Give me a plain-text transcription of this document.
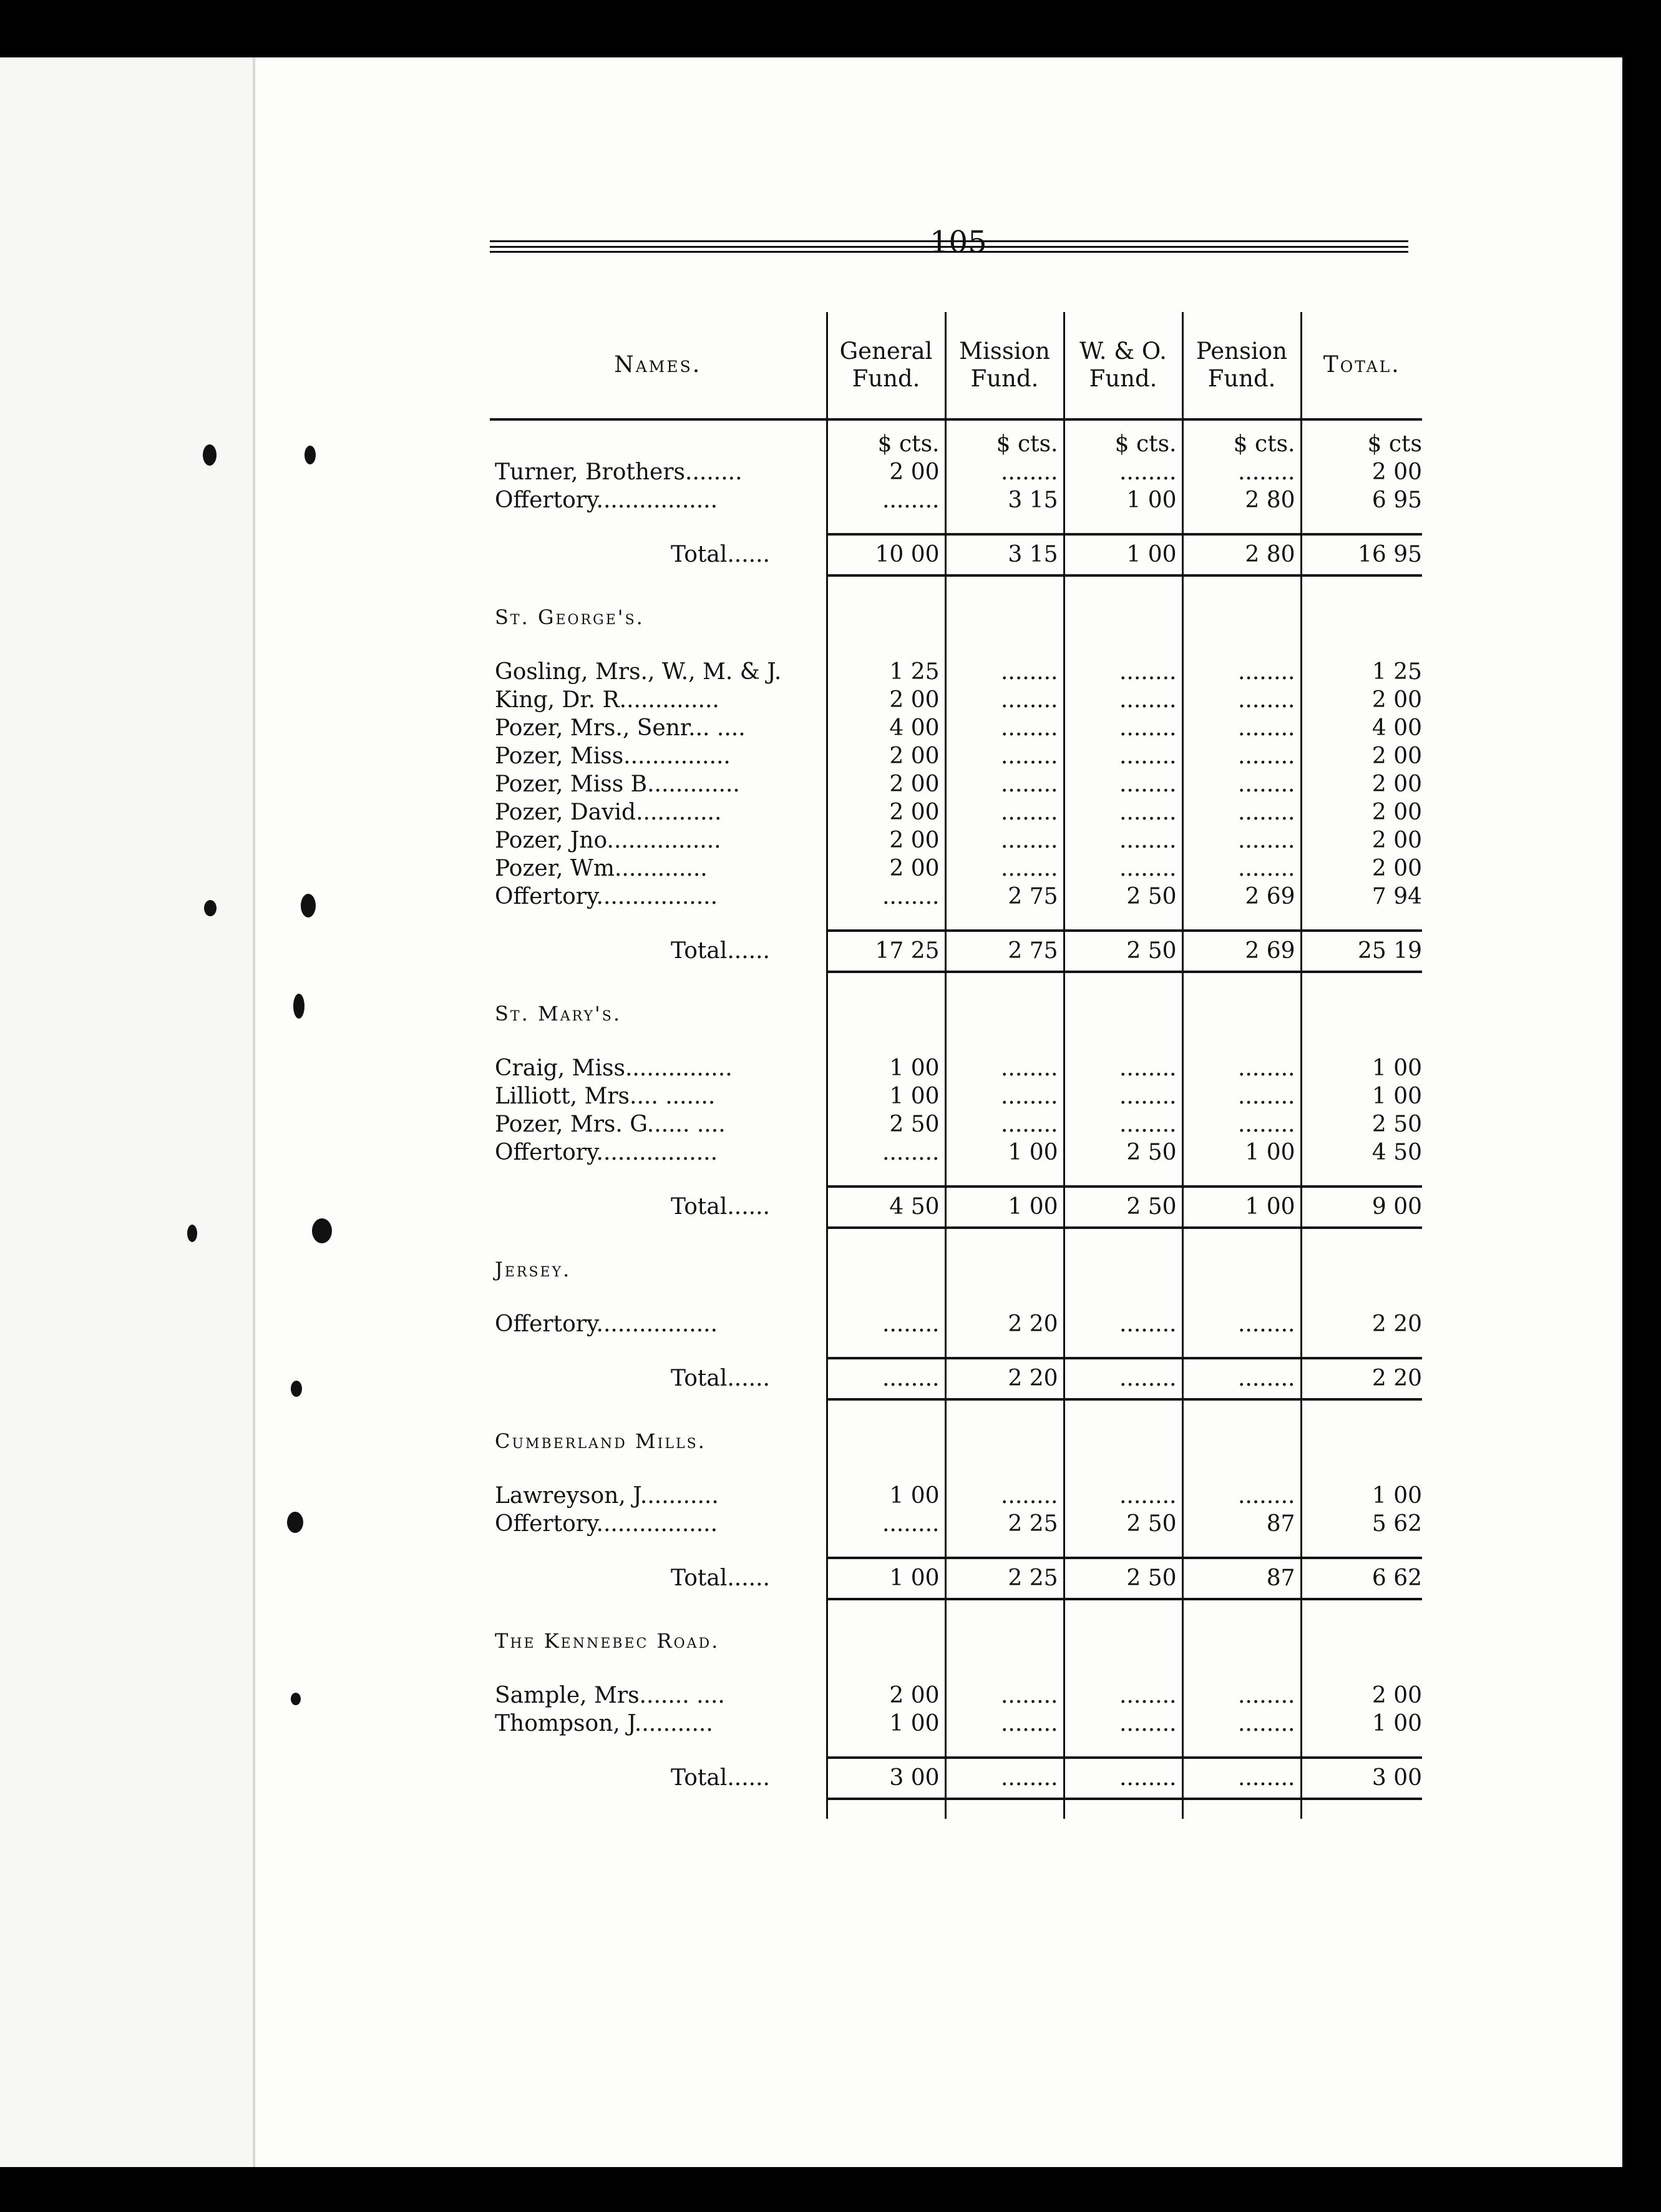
105
Names.	General Fund.	Mission Fund.	W. & O. Fund.	Pension Fund.	Total.
	$ cts.	$ cts.	$ cts.	$ cts.	$ cts
Turner, Brothers........	2 00	........	........	........	2 00
Offertory.................	........	3 15	1 00	2 80	6 95

Total......	10 00	3 15	1 00	2 80	16 95

St. George's.					

Gosling, Mrs., W., M. & J.	1 25	........	........	........	1 25
King, Dr. R..............	2 00	........	........	........	2 00
Pozer, Mrs., Senr... ....	4 00	........	........	........	4 00
Pozer, Miss...............	2 00	........	........	........	2 00
Pozer, Miss B.............	2 00	........	........	........	2 00
Pozer, David............	2 00	........	........	........	2 00
Pozer, Jno................	2 00	........	........	........	2 00
Pozer, Wm.............	2 00	........	........	........	2 00
Offertory.................	........	2 75	2 50	2 69	7 94

Total......	17 25	2 75	2 50	2 69	25 19

St. Mary's.					

Craig, Miss...............	1 00	........	........	........	1 00
Lilliott, Mrs.... .......	1 00	........	........	........	1 00
Pozer, Mrs. G...... ....	2 50	........	........	........	2 50
Offertory.................	........	1 00	2 50	1 00	4 50

Total......	4 50	1 00	2 50	1 00	9 00

Jersey.					

Offertory.................	........	2 20	........	........	2 20

Total......	........	2 20	........	........	2 20

Cumberland Mills.					

Lawreyson, J...........	1 00	........	........	........	1 00
Offertory.................	........	2 25	2 50	87	5 62

Total......	1 00	2 25	2 50	87	6 62

The Kennebec Road.					

Sample, Mrs....... ....	2 00	........	........	........	2 00
Thompson, J...........	1 00	........	........	........	1 00

Total......	3 00	........	........	........	3 00
